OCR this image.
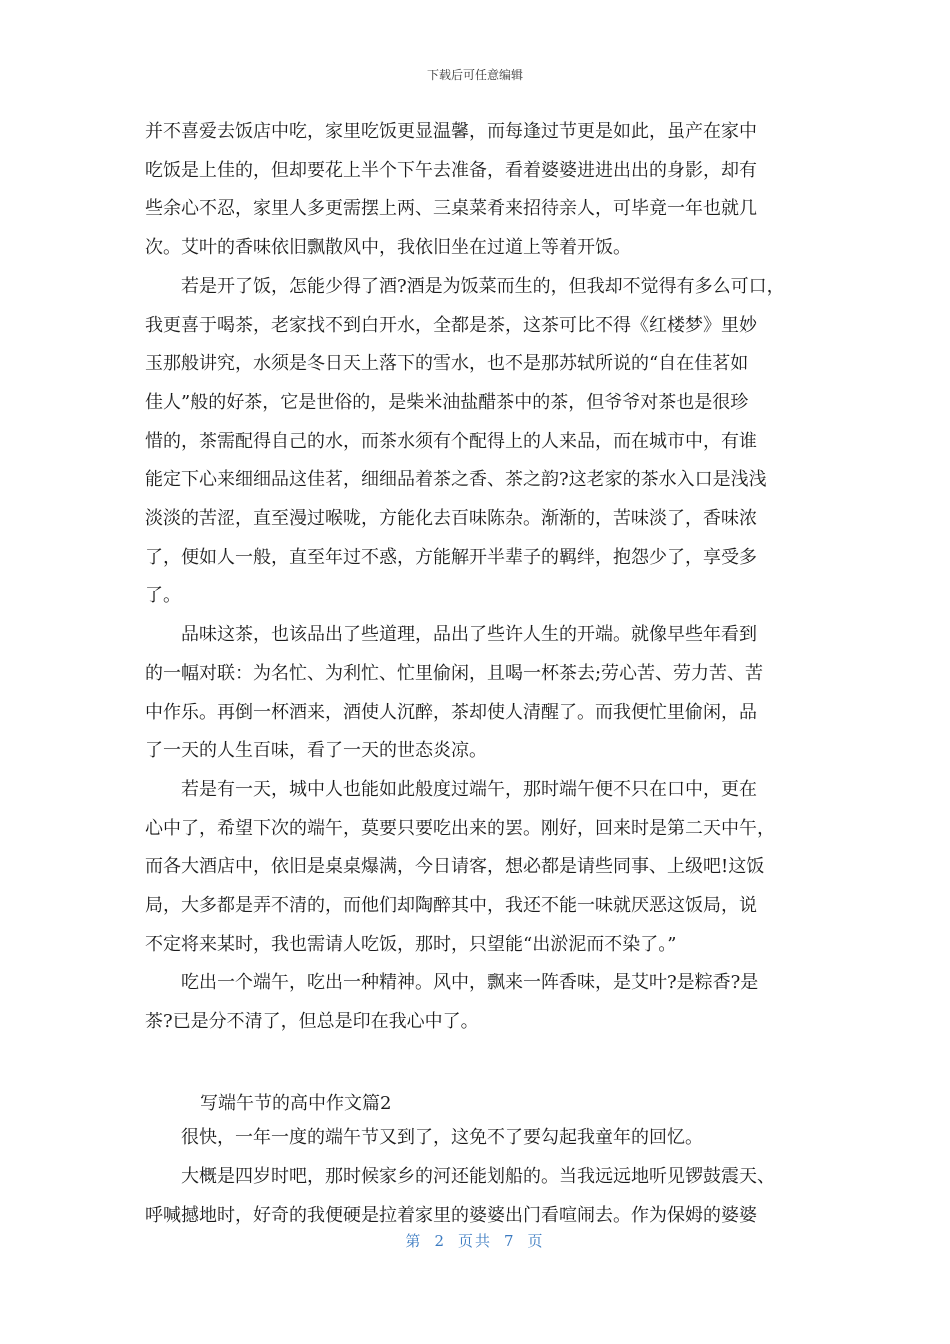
下载后可任意编辑
并不喜爱去饭店中吃，家里吃饭更显温馨，而每逢过节更是如此，虽产在家中
吃饭是上佳的，但却要花上半个下午去准备，看着婆婆进进出出的身影，却有
些余心不忍，家里人多更需摆上两、三桌菜肴来招待亲人，可毕竟一年也就几
次。艾叶的香味依旧飘散风中，我依旧坐在过道上等着开饭。
若是开了饭，怎能少得了酒?酒是为饭菜而生的，但我却不觉得有多么可口，
我更喜于喝茶，老家找不到白开水，全都是茶，这茶可比不得《红楼梦》里妙
玉那般讲究，水须是冬日天上落下的雪水，也不是那苏轼所说的“自在佳茗如
佳人”般的好茶，它是世俗的，是柴米油盐醋茶中的茶，但爷爷对茶也是很珍
惜的，茶需配得自己的水，而茶水须有个配得上的人来品，而在城市中，有谁
能定下心来细细品这佳茗，细细品着茶之香、茶之韵?这老家的茶水入口是浅浅
淡淡的苦涩，直至漫过喉咙，方能化去百味陈杂。渐渐的，苦味淡了，香味浓
了，便如人一般，直至年过不惑，方能解开半辈子的羁绊，抱怨少了，享受多
了。
品味这茶，也该品出了些道理，品出了些许人生的开端。就像早些年看到
的一幅对联：为名忙、为利忙、忙里偷闲，且喝一杯茶去;劳心苦、劳力苦、苦
中作乐。再倒一杯酒来，酒使人沉醉，茶却使人清醒了。而我便忙里偷闲，品
了一天的人生百味，看了一天的世态炎凉。
若是有一天，城中人也能如此般度过端午，那时端午便不只在口中，更在
心中了，希望下次的端午，莫要只要吃出来的罢。刚好，回来时是第二天中午，
而各大酒店中，依旧是桌桌爆满，今日请客，想必都是请些同事、上级吧!这饭
局，大多都是弄不清的，而他们却陶醉其中，我还不能一味就厌恶这饭局，说
不定将来某时，我也需请人吃饭，那时，只望能“出淤泥而不染了。”
吃出一个端午，吃出一种精神。风中，飘来一阵香味，是艾叶?是粽香?是
茶?已是分不清了，但总是印在我心中了。
写端午节的高中作文篇2
很快，一年一度的端午节又到了，这免不了要勾起我童年的回忆。
大概是四岁时吧，那时候家乡的河还能划船的。当我远远地听见锣鼓震天、
呼喊撼地时，好奇的我便硬是拉着家里的婆婆出门看喧闹去。作为保姆的婆婆
第 2 页共 7 页
